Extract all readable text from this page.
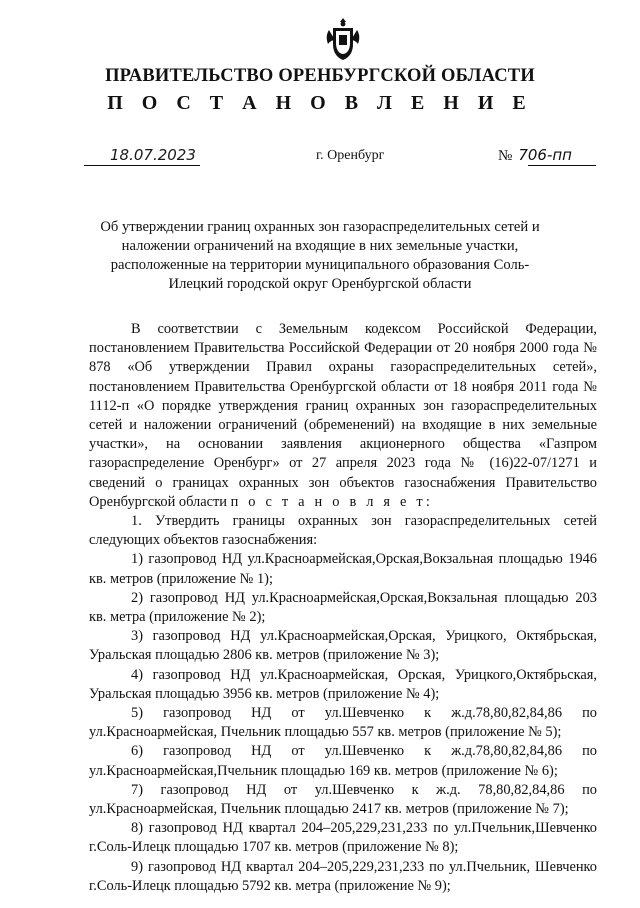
ПРАВИТЕЛЬСТВО ОРЕНБУРГСКОЙ ОБЛАСТИ
П О С Т А Н О В Л Е Н И Е
18.07.2023	г. Оренбург	№ 706-пп
Об утверждении границ охранных зон газораспределительных сетей и наложении ограничений на входящие в них земельные участки, расположенные на территории муниципального образования Соль-Илецкий городской округ Оренбургской области

В соответствии с Земельным кодексом Российской Федерации, постановлением Правительства Российской Федерации от 20 ноября 2000 года № 878 «Об утверждении Правил охраны газораспределительных сетей», постановлением Правительства Оренбургской области от 18 ноября 2011 года № 1112-п «О порядке утверждения границ охранных зон газораспределительных сетей и наложении ограничений (обременений) на входящие в них земельные участки», на основании заявления акционерного общества «Газпром газораспределение Оренбург» от 27 апреля 2023 года № (16)22-07/1271 и сведений о границах охранных зон объектов газоснабжения Правительство Оренбургской области п о с т а н о в л я е т:

1. Утвердить границы охранных зон газораспределительных сетей следующих объектов газоснабжения:

1) газопровод НД ул.Красноармейская,Орская,Вокзальная площадью 1946 кв. метров (приложение № 1);
2) газопровод НД ул.Красноармейская,Орская,Вокзальная площадью 203 кв. метра (приложение № 2);
3) газопровод НД ул.Красноармейская,Орская, Урицкого, Октябрьская, Уральская площадью 2806 кв. метров (приложение № 3);
4) газопровод НД ул.Красноармейская, Орская, Урицкого,Октябрьская, Уральская площадью 3956 кв. метров (приложение № 4);
5) газопровод НД от ул.Шевченко к ж.д.78,80,82,84,86 по ул.Красноармейская, Пчельник площадью 557 кв. метров (приложение № 5);
6) газопровод НД от ул.Шевченко к ж.д.78,80,82,84,86 по ул.Красноармейская,Пчельник площадью 169 кв. метров (приложение № 6);
7) газопровод НД от ул.Шевченко к ж.д. 78,80,82,84,86 по ул.Красноармейская, Пчельник площадью 2417 кв. метров (приложение № 7);
8) газопровод НД квартал 204–205,229,231,233 по ул.Пчельник,Шевченко г.Соль-Илецк площадью 1707 кв. метров (приложение № 8);
9) газопровод НД квартал 204–205,229,231,233 по ул.Пчельник, Шевченко г.Соль-Илецк площадью 5792 кв. метра (приложение № 9);
